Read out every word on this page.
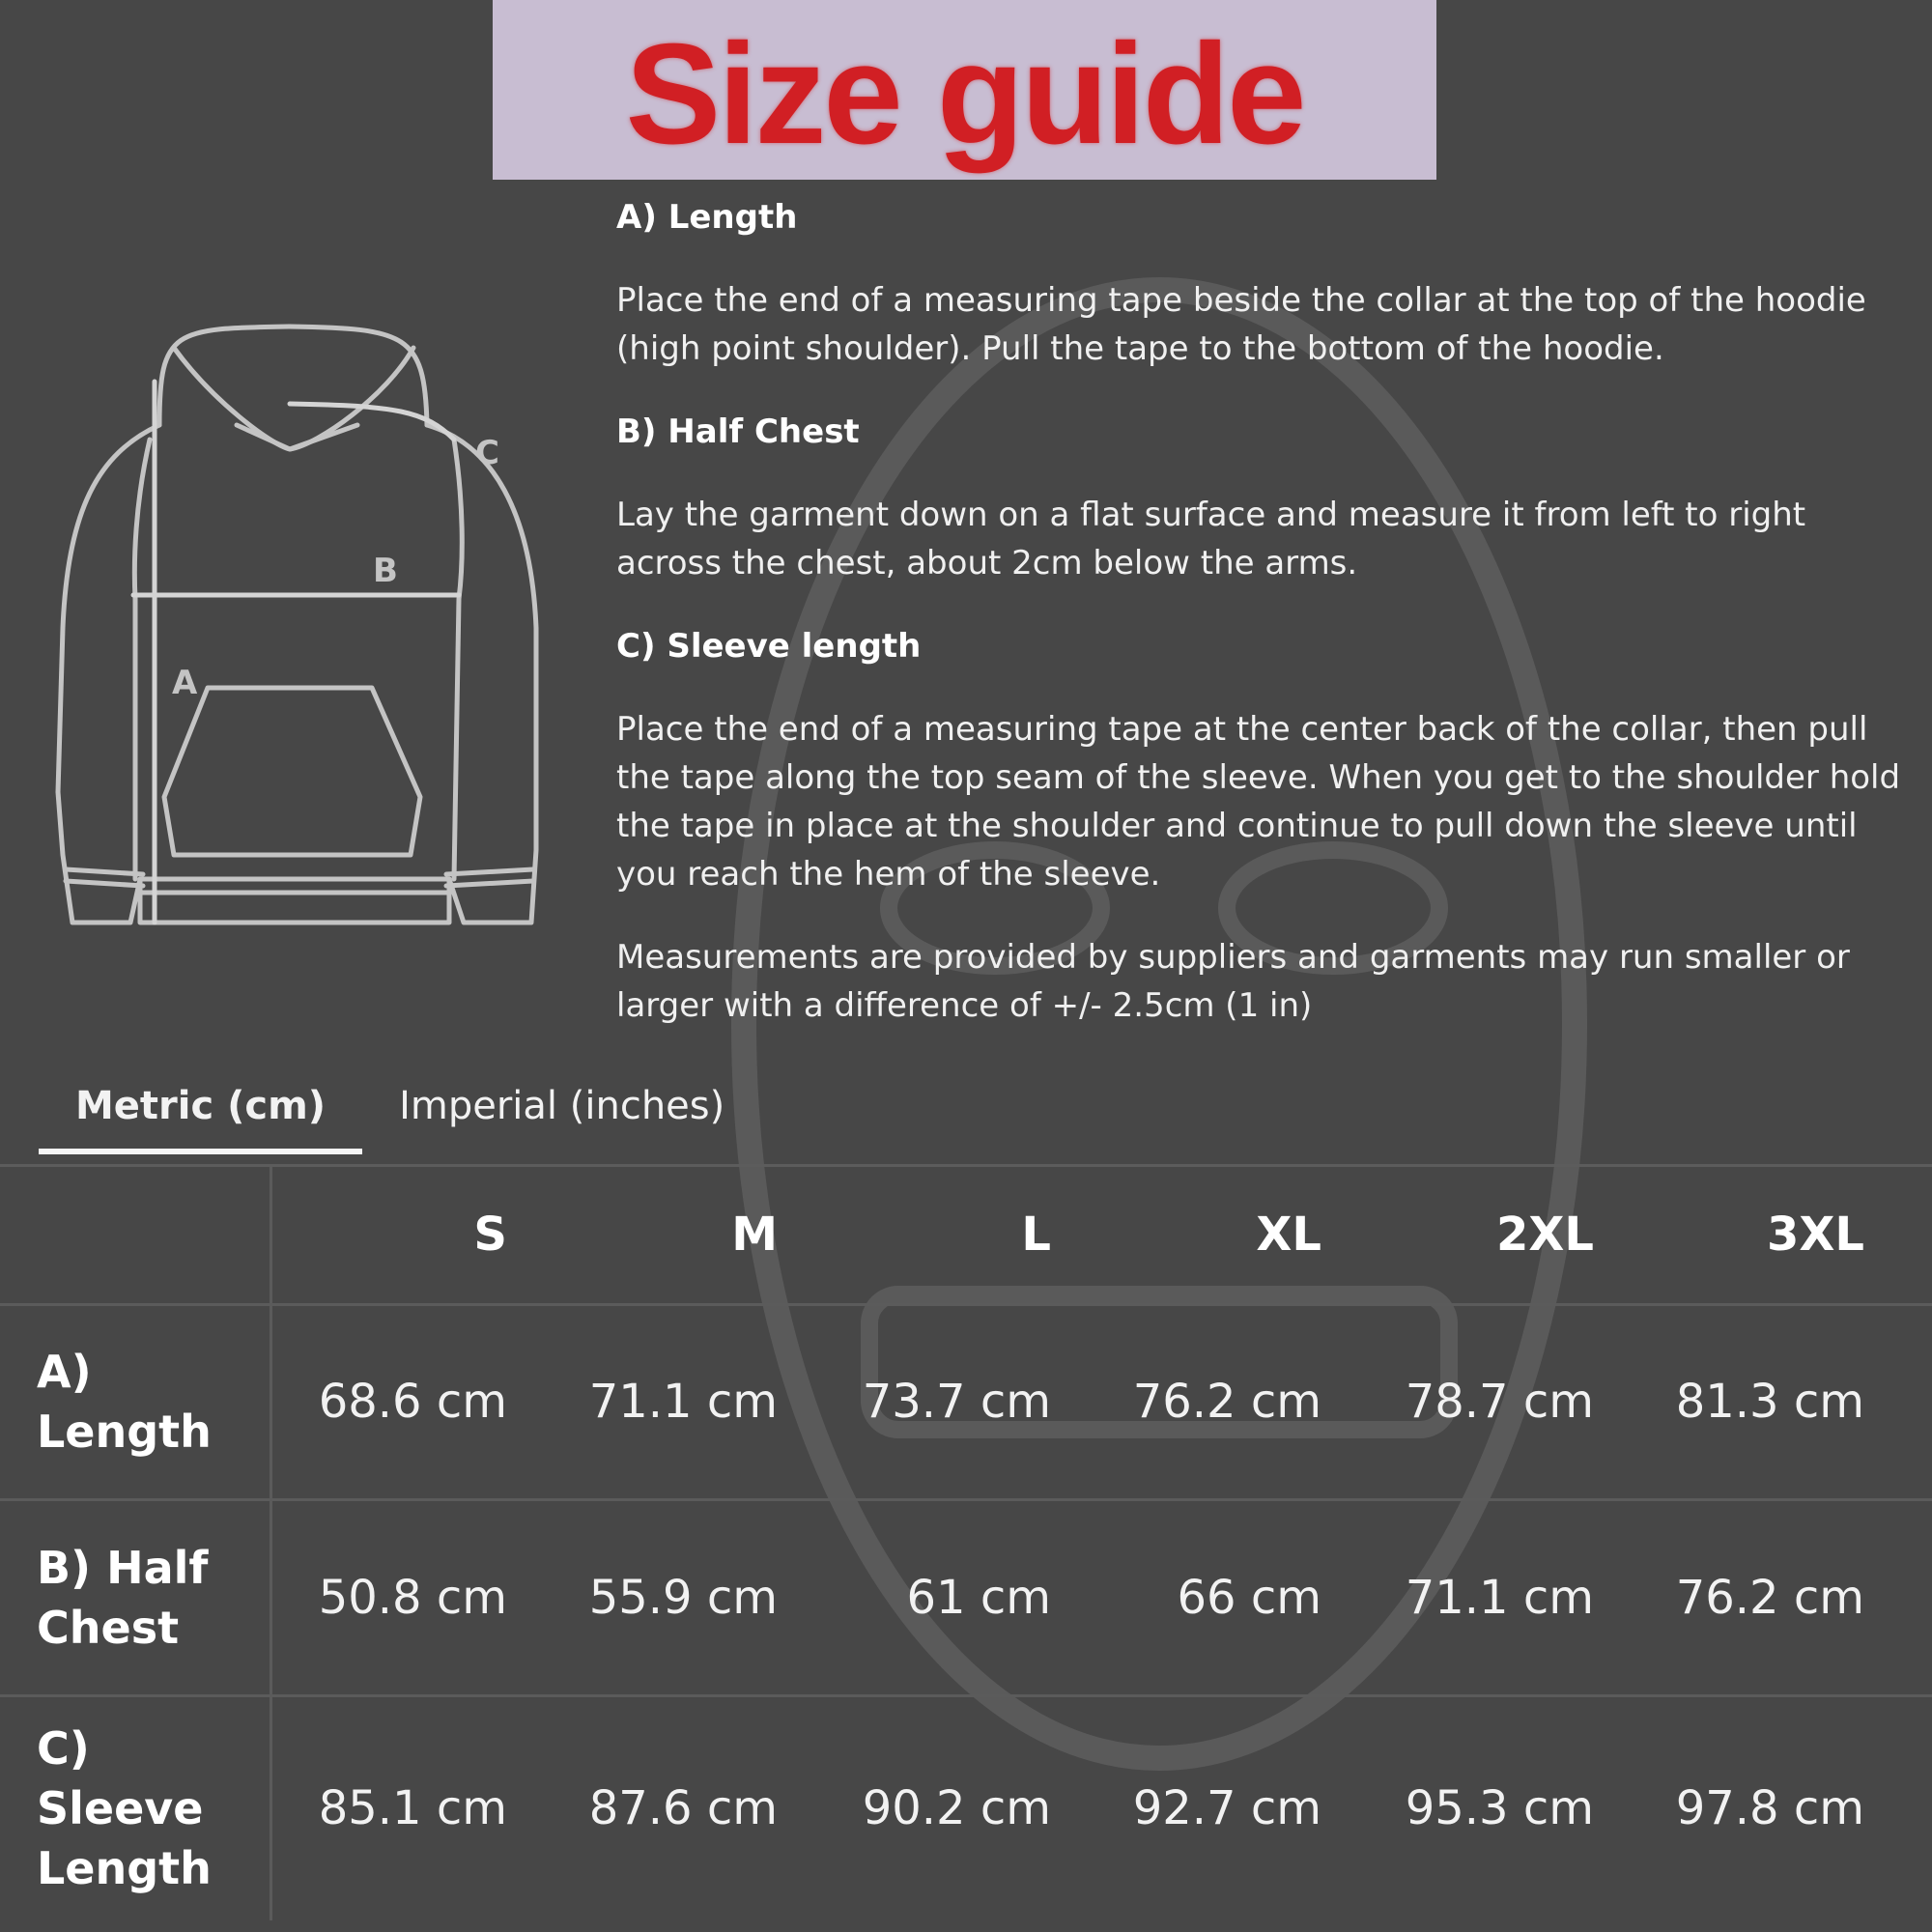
Size guide
A
B
C

A) Length

Place the end of a measuring tape beside the collar at the top of the hoodie (high point shoulder). Pull the tape to the bottom of the hoodie.

B) Half Chest

Lay the garment down on a flat surface and measure it from left to right across the chest, about 2cm below the arms.

C) Sleeve length

Place the end of a measuring tape at the center back of the collar, then pull the tape along the top seam of the sleeve. When you get to the shoulder hold the tape in place at the shoulder and continue to pull down the sleeve until you reach the hem of the sleeve.

Measurements are provided by suppliers and garments may run smaller or larger with a difference of +/- 2.5cm (1 in)

Metric (cm)	Imperial (inches)
	S	M	L	XL	2XL	3XL

A)
Length	68.6 cm	71.1 cm	73.7 cm	76.2 cm	78.7 cm	81.3 cm

B) Half
Chest	50.8 cm	55.9 cm	61 cm	66 cm	71.1 cm	76.2 cm

C)
Sleeve
Length	85.1 cm	87.6 cm	90.2 cm	92.7 cm	95.3 cm	97.8 cm
